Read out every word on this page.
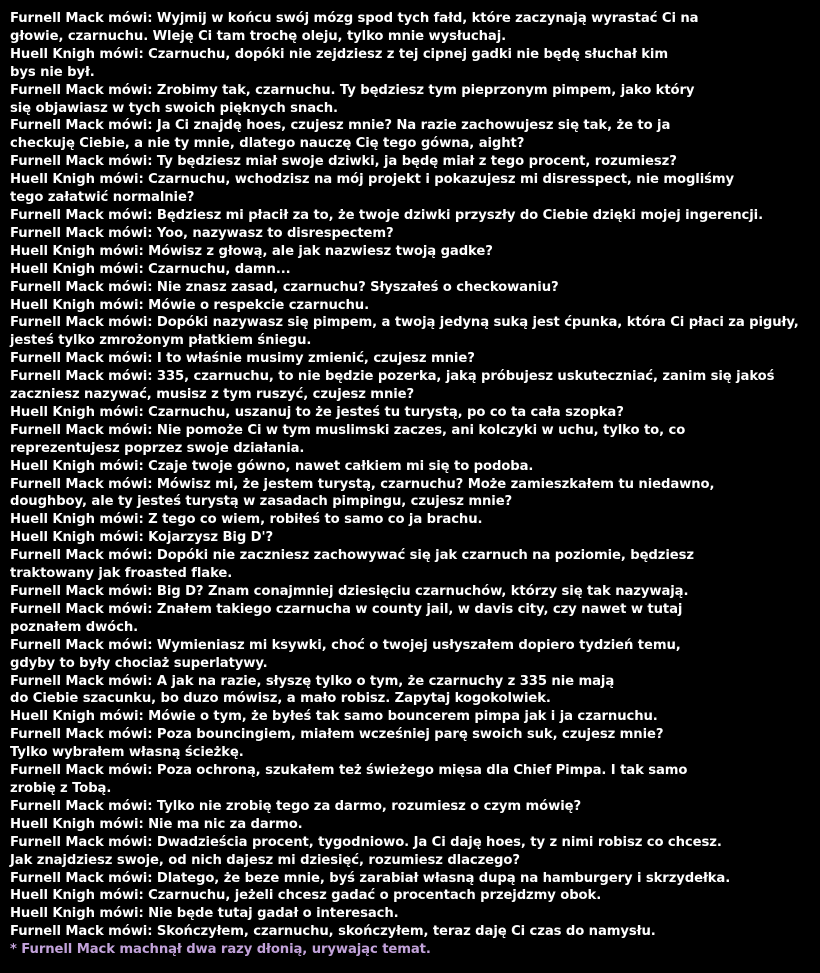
Furnell Mack mówi: Wyjmij w końcu swój mózg spod tych fałd, które zaczynają wyrastać Ci na
głowie, czarnuchu. Wleję Ci tam trochę oleju, tylko mnie wysłuchaj.
Huell Knigh mówi: Czarnuchu, dopóki nie zejdziesz z tej cipnej gadki nie będę słuchał kim
bys nie był.
Furnell Mack mówi: Zrobimy tak, czarnuchu. Ty będziesz tym pieprzonym pimpem, jako który
się objawiasz w tych swoich pięknych snach.
Furnell Mack mówi: Ja Ci znajdę hoes, czujesz mnie? Na razie zachowujesz się tak, że to ja
checkuję Ciebie, a nie ty mnie, dlatego nauczę Cię tego gówna, aight?
Furnell Mack mówi: Ty będziesz miał swoje dziwki, ja będę miał z tego procent, rozumiesz?
Huell Knigh mówi: Czarnuchu, wchodzisz na mój projekt i pokazujesz mi disresspect, nie mogliśmy
tego załatwić normalnie?
Furnell Mack mówi: Będziesz mi płacił za to, że twoje dziwki przyszły do Ciebie dzięki mojej ingerencji.
Furnell Mack mówi: Yoo, nazywasz to disrespectem?
Huell Knigh mówi: Mówisz z głową, ale jak nazwiesz twoją gadke?
Huell Knigh mówi: Czarnuchu, damn...
Furnell Mack mówi: Nie znasz zasad, czarnuchu? Słyszałeś o checkowaniu?
Huell Knigh mówi: Mówie o respekcie czarnuchu.
Furnell Mack mówi: Dopóki nazywasz się pimpem, a twoją jedyną suką jest ćpunka, która Ci płaci za piguły,
jesteś tylko zmrożonym płatkiem śniegu.
Furnell Mack mówi: I to właśnie musimy zmienić, czujesz mnie?
Furnell Mack mówi: 335, czarnuchu, to nie będzie pozerka, jaką próbujesz uskuteczniać, zanim się jakoś
zaczniesz nazywać, musisz z tym ruszyć, czujesz mnie?
Huell Knigh mówi: Czarnuchu, uszanuj to że jesteś tu turystą, po co ta cała szopka?
Furnell Mack mówi: Nie pomoże Ci w tym muslimski zaczes, ani kolczyki w uchu, tylko to, co
reprezentujesz poprzez swoje działania.
Huell Knigh mówi: Czaje twoje gówno, nawet całkiem mi się to podoba.
Furnell Mack mówi: Mówisz mi, że jestem turystą, czarnuchu? Może zamieszkałem tu niedawno,
doughboy, ale ty jesteś turystą w zasadach pimpingu, czujesz mnie?
Huell Knigh mówi: Z tego co wiem, robiłeś to samo co ja brachu.
Huell Knigh mówi: Kojarzysz Big D'?
Furnell Mack mówi: Dopóki nie zaczniesz zachowywać się jak czarnuch na poziomie, będziesz
traktowany jak froasted flake.
Furnell Mack mówi: Big D? Znam conajmniej dziesięciu czarnuchów, którzy się tak nazywają.
Furnell Mack mówi: Znałem takiego czarnucha w county jail, w davis city, czy nawet w tutaj
poznałem dwóch.
Furnell Mack mówi: Wymieniasz mi ksywki, choć o twojej usłyszałem dopiero tydzień temu,
gdyby to były chociaż superlatywy.
Furnell Mack mówi: A jak na razie, słyszę tylko o tym, że czarnuchy z 335 nie mają
do Ciebie szacunku, bo duzo mówisz, a mało robisz. Zapytaj kogokolwiek.
Huell Knigh mówi: Mówie o tym, że byłeś tak samo bouncerem pimpa jak i ja czarnuchu.
Furnell Mack mówi: Poza bouncingiem, miałem wcześniej parę swoich suk, czujesz mnie?
Tylko wybrałem własną ścieżkę.
Furnell Mack mówi: Poza ochroną, szukałem też świeżego mięsa dla Chief Pimpa. I tak samo
zrobię z Tobą.
Furnell Mack mówi: Tylko nie zrobię tego za darmo, rozumiesz o czym mówię?
Huell Knigh mówi: Nie ma nic za darmo.
Furnell Mack mówi: Dwadzieścia procent, tygodniowo. Ja Ci daję hoes, ty z nimi robisz co chcesz.
Jak znajdziesz swoje, od nich dajesz mi dziesięć, rozumiesz dlaczego?
Furnell Mack mówi: Dlatego, że beze mnie, byś zarabiał własną dupą na hamburgery i skrzydełka.
Huell Knigh mówi: Czarnuchu, jeżeli chcesz gadać o procentach przejdzmy obok.
Huell Knigh mówi: Nie będe tutaj gadał o interesach.
Furnell Mack mówi: Skończyłem, czarnuchu, skończyłem, teraz daję Ci czas do namysłu.
* Furnell Mack machnął dwa razy dłonią, urywając temat.
